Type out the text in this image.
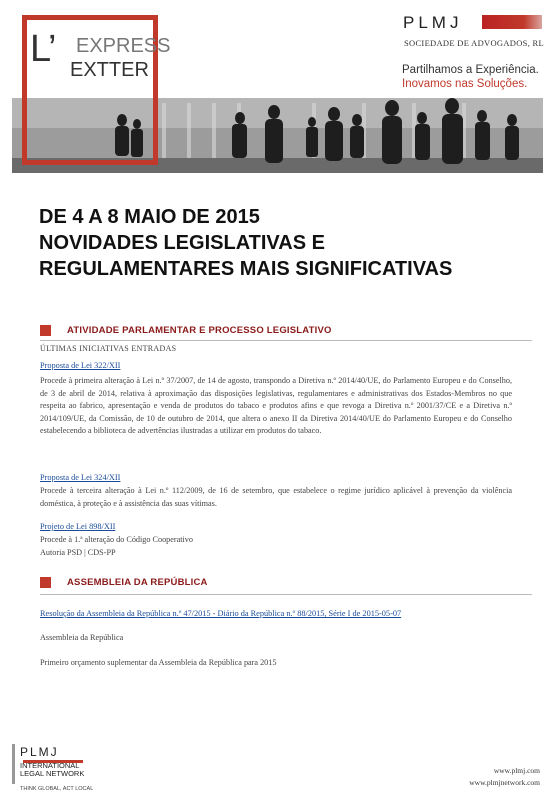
L’ EXPRESS
EXTTER
PLMJ
SOCIEDADE DE ADVOGADOS, RL
Partilhamos a Experiência.
Inovamos nas Soluções.
DE 4 A 8 MAIO DE 2015
NOVIDADES LEGISLATIVAS E
REGULAMENTARES MAIS SIGNIFICATIVAS
ATIVIDADE PARLAMENTAR E PROCESSO LEGISLATIVO
ÚLTIMAS INICIATIVAS ENTRADAS
Proposta de Lei 322/XII
Procede à primeira alteração à Lei n.º 37/2007, de 14 de agosto, transpondo a Diretiva n.º 2014/40/UE, do Parlamento Europeu e do Conselho, de 3 de abril de 2014, relativa à aproximação das disposições legislativas, regulamentares e administrativas dos Estados-Membros no que respeita ao fabrico, apresentação e venda de produtos do tabaco e produtos afins e que revoga a Diretiva n.º 2001/37/CE e a Diretiva n.º 2014/109/UE, da Comissão, de 10 de outubro de 2014, que altera o anexo II da Diretiva 2014/40/UE do Parlamento Europeu e do Conselho estabelecendo a biblioteca de advertências ilustradas a utilizar em produtos do tabaco.
Proposta de Lei 324/XII
Procede à terceira alteração à Lei n.º 112/2009, de 16 de setembro, que estabelece o regime jurídico aplicável à prevenção da violência doméstica, à proteção e à assistência das suas vítimas.
Projeto de Lei 898/XII
Procede à 1.ª alteração do Código Cooperativo
Autoria PSD | CDS-PP
ASSEMBLEIA DA REPÚBLICA
Resolução da Assembleia da República n.º 47/2015 - Diário da República n.º 88/2015, Série I de 2015-05-07
Assembleia da República
Primeiro orçamento suplementar da Assembleia da República para 2015
PLMJ
INTERNATIONAL
LEGAL NETWORK
THINK GLOBAL, ACT LOCAL
www.plmj.com
www.plmjnetwork.com
